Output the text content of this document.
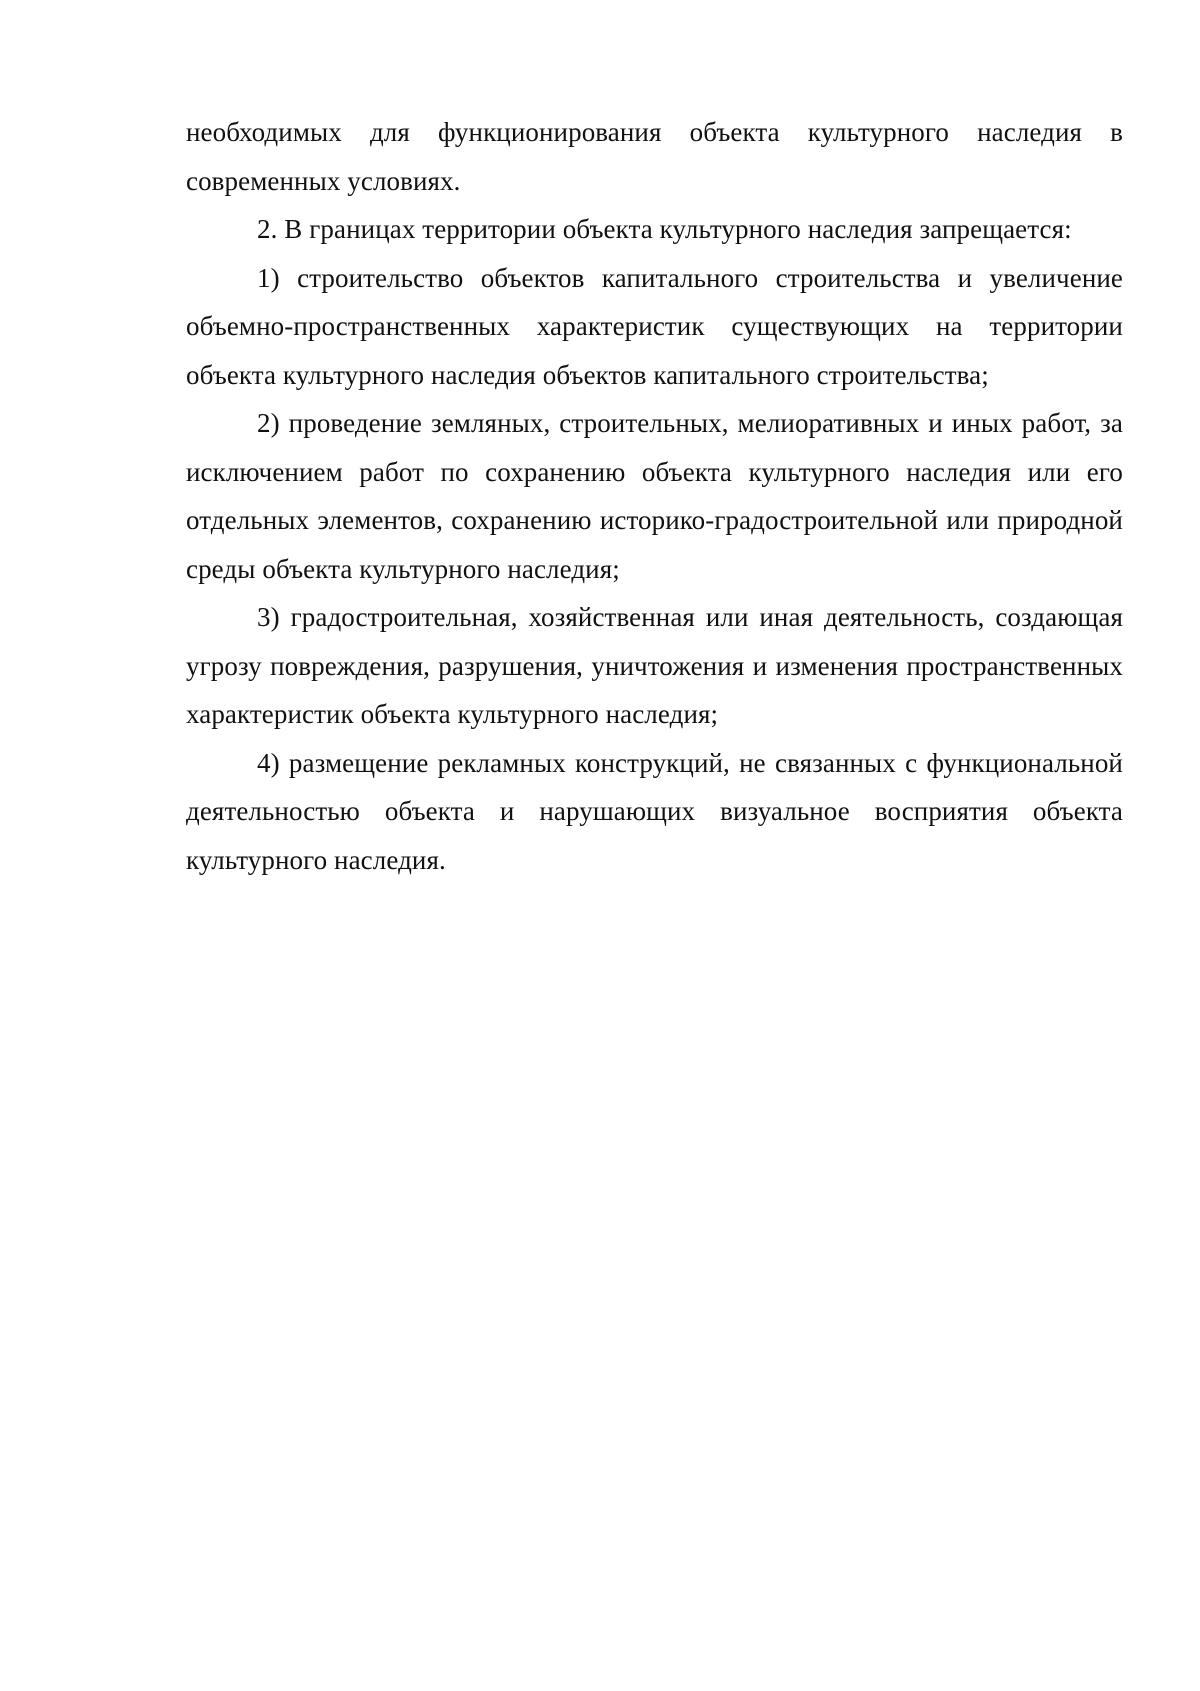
необходимых для функционирования объекта культурного наследия в современных условиях.

2. В границах территории объекта культурного наследия запрещается:

1) строительство объектов капитального строительства и увеличение объемно-пространственных характеристик существующих на территории объекта культурного наследия объектов капитального строительства;

2) проведение земляных, строительных, мелиоративных и иных работ, за исключением работ по сохранению объекта культурного наследия или его отдельных элементов, сохранению историко-градостроительной или природной среды объекта культурного наследия;

3) градостроительная, хозяйственная или иная деятельность, создающая угрозу повреждения, разрушения, уничтожения и изменения пространственных характеристик объекта культурного наследия;

4) размещение рекламных конструкций, не связанных с функциональной деятельностью объекта и нарушающих визуальное восприятия объекта культурного наследия.
